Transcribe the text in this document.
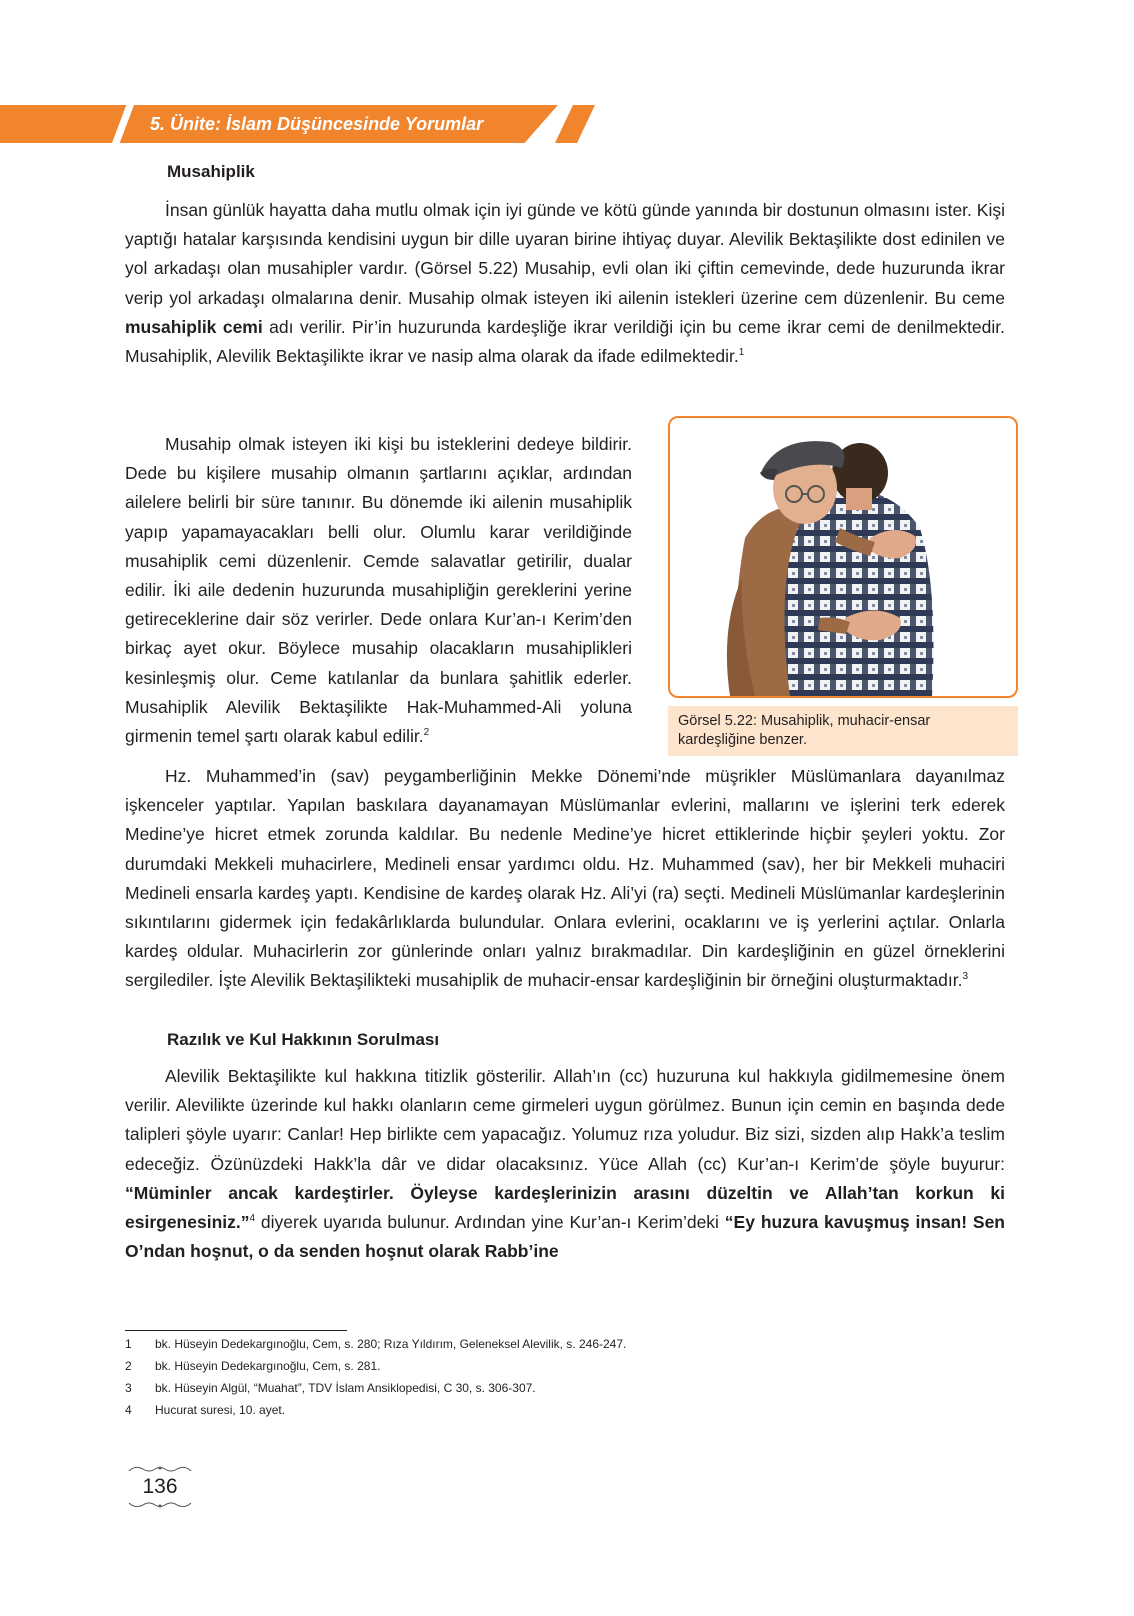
5. Ünite: İslam Düşüncesinde Yorumlar
Musahiplik

İnsan günlük hayatta daha mutlu olmak için iyi günde ve kötü günde yanında bir dostunun olmasını ister. Kişi yaptığı hatalar karşısında kendisini uygun bir dille uyaran birine ihtiyaç duyar. Alevilik Bektaşilikte dost edinilen ve yol arkadaşı olan musahipler vardır. (Görsel 5.22) Musahip, evli olan iki çiftin cemevinde, dede huzurunda ikrar verip yol arkadaşı olmalarına denir. Musahip olmak isteyen iki ailenin istekleri üzerine cem düzenlenir. Bu ceme musahiplik cemi adı verilir. Pir’in huzurunda kardeşliğe ikrar verildiği için bu ceme ikrar cemi de denilmektedir. Musahiplik, Alevilik Bektaşilikte ikrar ve nasip alma olarak da ifade edilmektedir.$^1$

Musahip olmak isteyen iki kişi bu isteklerini dedeye bildirir. Dede bu kişilere musahip olmanın şartlarını açıklar, ardından ailelere belirli bir süre tanınır. Bu dönemde iki ailenin musahiplik yapıp yapamayacakları belli olur. Olumlu karar verildiğinde musahiplik cemi düzenlenir. Cemde salavatlar getirilir, dualar edilir. İki aile dedenin huzurunda musahipliğin gereklerini yerine getireceklerine dair söz verirler. Dede onlara Kur’an-ı Kerim’den birkaç ayet okur. Böylece musahip olacakların musahiplikleri kesinleşmiş olur. Ceme katılanlar da bunlara şahitlik ederler. Musahiplik Alevilik Bektaşilikte Hak-Muhammed-Ali yoluna girmenin temel şartı olarak kabul edilir.$^2$

Görsel 5.22: Musahiplik, muhacir-ensar kardeşliğine benzer.

Hz. Muhammed’in (sav) peygamberliğinin Mekke Dönemi’nde müşrikler Müslümanlara dayanılmaz işkenceler yaptılar. Yapılan baskılara dayanamayan Müslümanlar evlerini, mallarını ve işlerini terk ederek Medine’ye hicret etmek zorunda kaldılar. Bu nedenle Medine’ye hicret ettiklerinde hiçbir şeyleri yoktu. Zor durumdaki Mekkeli muhacirlere, Medineli ensar yardımcı oldu. Hz. Muhammed (sav), her bir Mekkeli muhaciri Medineli ensarla kardeş yaptı. Kendisine de kardeş olarak Hz. Ali’yi (ra) seçti. Medineli Müslümanlar kardeşlerinin sıkıntılarını gidermek için fedakârlıklarda bulundular. Onlara evlerini, ocaklarını ve iş yerlerini açtılar. Onlarla kardeş oldular. Muhacirlerin zor günlerinde onları yalnız bırakmadılar. Din kardeşliğinin en güzel örneklerini sergilediler. İşte Alevilik Bektaşilikteki musahiplik de muhacir-ensar kardeşliğinin bir örneğini oluşturmaktadır.$^3$

Razılık ve Kul Hakkının Sorulması

Alevilik Bektaşilikte kul hakkına titizlik gösterilir. Allah’ın (cc) huzuruna kul hakkıyla gidilmemesine önem verilir. Alevilikte üzerinde kul hakkı olanların ceme girmeleri uygun görülmez. Bunun için cemin en başında dede talipleri şöyle uyarır: Canlar! Hep birlikte cem yapacağız. Yolumuz rıza yoludur. Biz sizi, sizden alıp Hakk’a teslim edeceğiz. Özünüzdeki Hakk’la dâr ve didar olacaksınız. Yüce Allah (cc) Kur’an-ı Kerim’de şöyle buyurur: “Müminler ancak kardeştirler. Öyleyse kardeşlerinizin arasını düzeltin ve Allah’tan korkun ki esirgenesiniz.”$^4$ diyerek uyarıda bulunur. Ardından yine Kur’an-ı Kerim’deki “Ey huzura kavuşmuş insan! Sen O’ndan hoşnut, o da senden hoşnut olarak Rabb’ine

1 bk. Hüseyin Dedekargınoğlu, Cem, s. 280; Rıza Yıldırım, Geleneksel Alevilik, s. 246-247.
2 bk. Hüseyin Dedekargınoğlu, Cem, s. 281.
3 bk. Hüseyin Algül, “Muahat”, TDV İslam Ansiklopedisi, C 30, s. 306-307.
4 Hucurat suresi, 10. ayet.
136
